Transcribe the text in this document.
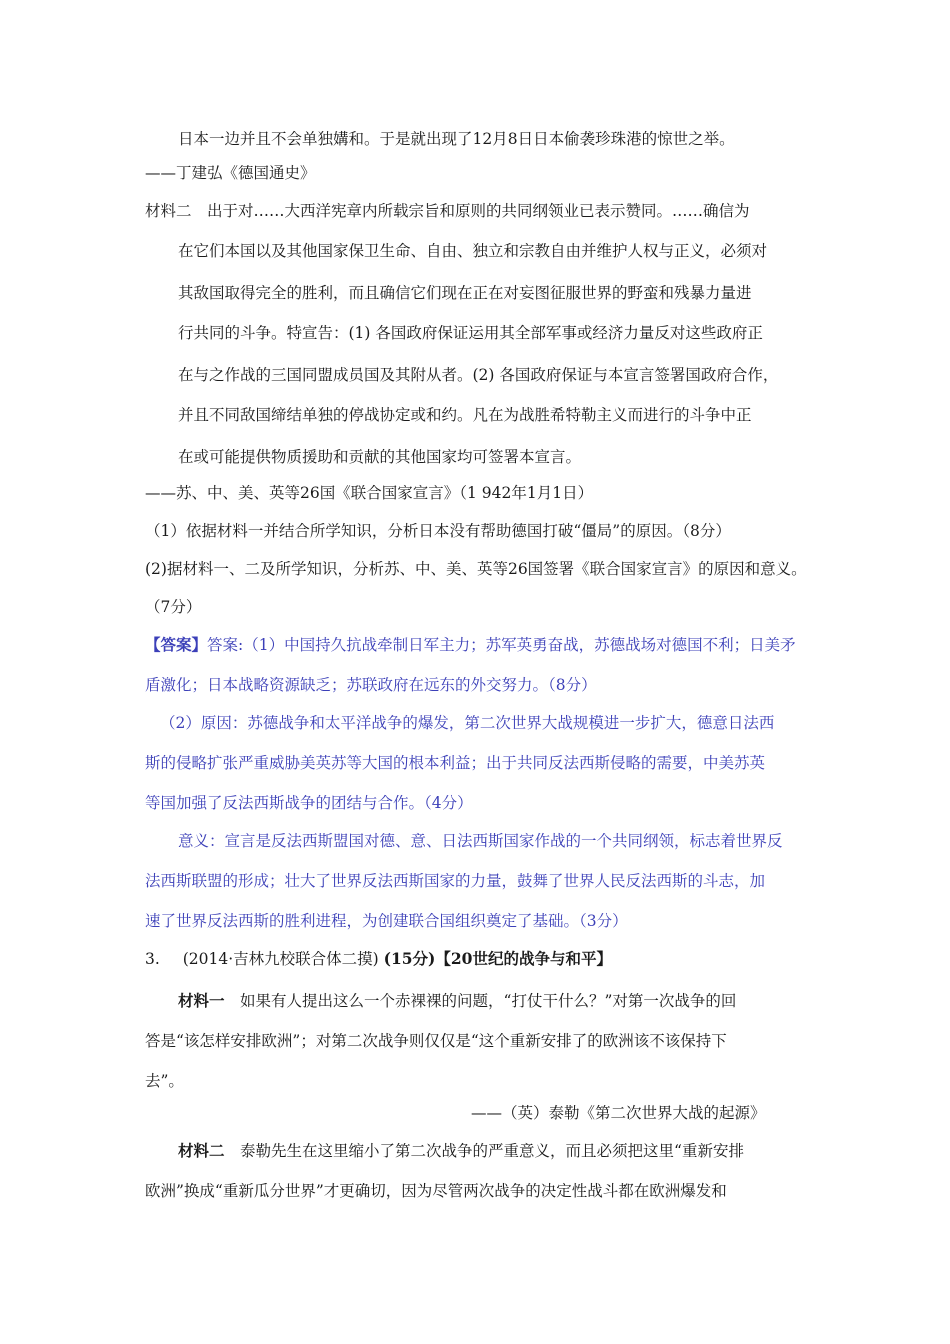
日本一边并且不会单独媾和。于是就出现了12月8日日本偷袭珍珠港的惊世之举。
——丁建弘《德国通史》
材料二　出于对……大西洋宪章内所载宗旨和原则的共同纲领业已表示赞同。……确信为
在它们本国以及其他国家保卫生命、自由、独立和宗教自由并维护人权与正义，必须对
其敌国取得完全的胜利，而且确信它们现在正在对妄图征服世界的野蛮和残暴力量进
行共同的斗争。特宣告：(1) 各国政府保证运用其全部军事或经济力量反对这些政府正
在与之作战的三国同盟成员国及其附从者。(2) 各国政府保证与本宣言签署国政府合作，
并且不同敌国缔结单独的停战协定或和约。凡在为战胜希特勒主义而进行的斗争中正
在或可能提供物质援助和贡献的其他国家均可签署本宣言。
——苏、中、美、英等26国《联合国家宣言》（1 942年1月1日）
（1）依据材料一并结合所学知识，分析日本没有帮助德国打破“僵局”的原因。（8分）
(2)据材料一、二及所学知识，分析苏、中、美、英等26国签署《联合国家宣言》的原因和意义。
（7分）
【答案】答案:（1）中国持久抗战牵制日军主力；苏军英勇奋战，苏德战场对德国不利；日美矛
盾激化；日本战略资源缺乏；苏联政府在远东的外交努力。（8分）
（2）原因：苏德战争和太平洋战争的爆发，第二次世界大战规模进一步扩大，德意日法西
斯的侵略扩张严重威胁美英苏等大国的根本利益；出于共同反法西斯侵略的需要，中美苏英
等国加强了反法西斯战争的团结与合作。（4分）
意义：宣言是反法西斯盟国对德、意、日法西斯国家作战的一个共同纲领，标志着世界反
法西斯联盟的形成；壮大了世界反法西斯国家的力量，鼓舞了世界人民反法西斯的斗志，加
速了世界反法西斯的胜利进程，为创建联合国组织奠定了基础。（3分）
3. (2014·吉林九校联合体二摸) (15分)【20世纪的战争与和平】
材料一　如果有人提出这么一个赤裸裸的问题，“打仗干什么？”对第一次战争的回
答是“该怎样安排欧洲”；对第二次战争则仅仅是“这个重新安排了的欧洲该不该保持下
去”。
——（英）泰勒《第二次世界大战的起源》
材料二　泰勒先生在这里缩小了第二次战争的严重意义，而且必须把这里“重新安排
欧洲”换成“重新瓜分世界”才更确切，因为尽管两次战争的决定性战斗都在欧洲爆发和
